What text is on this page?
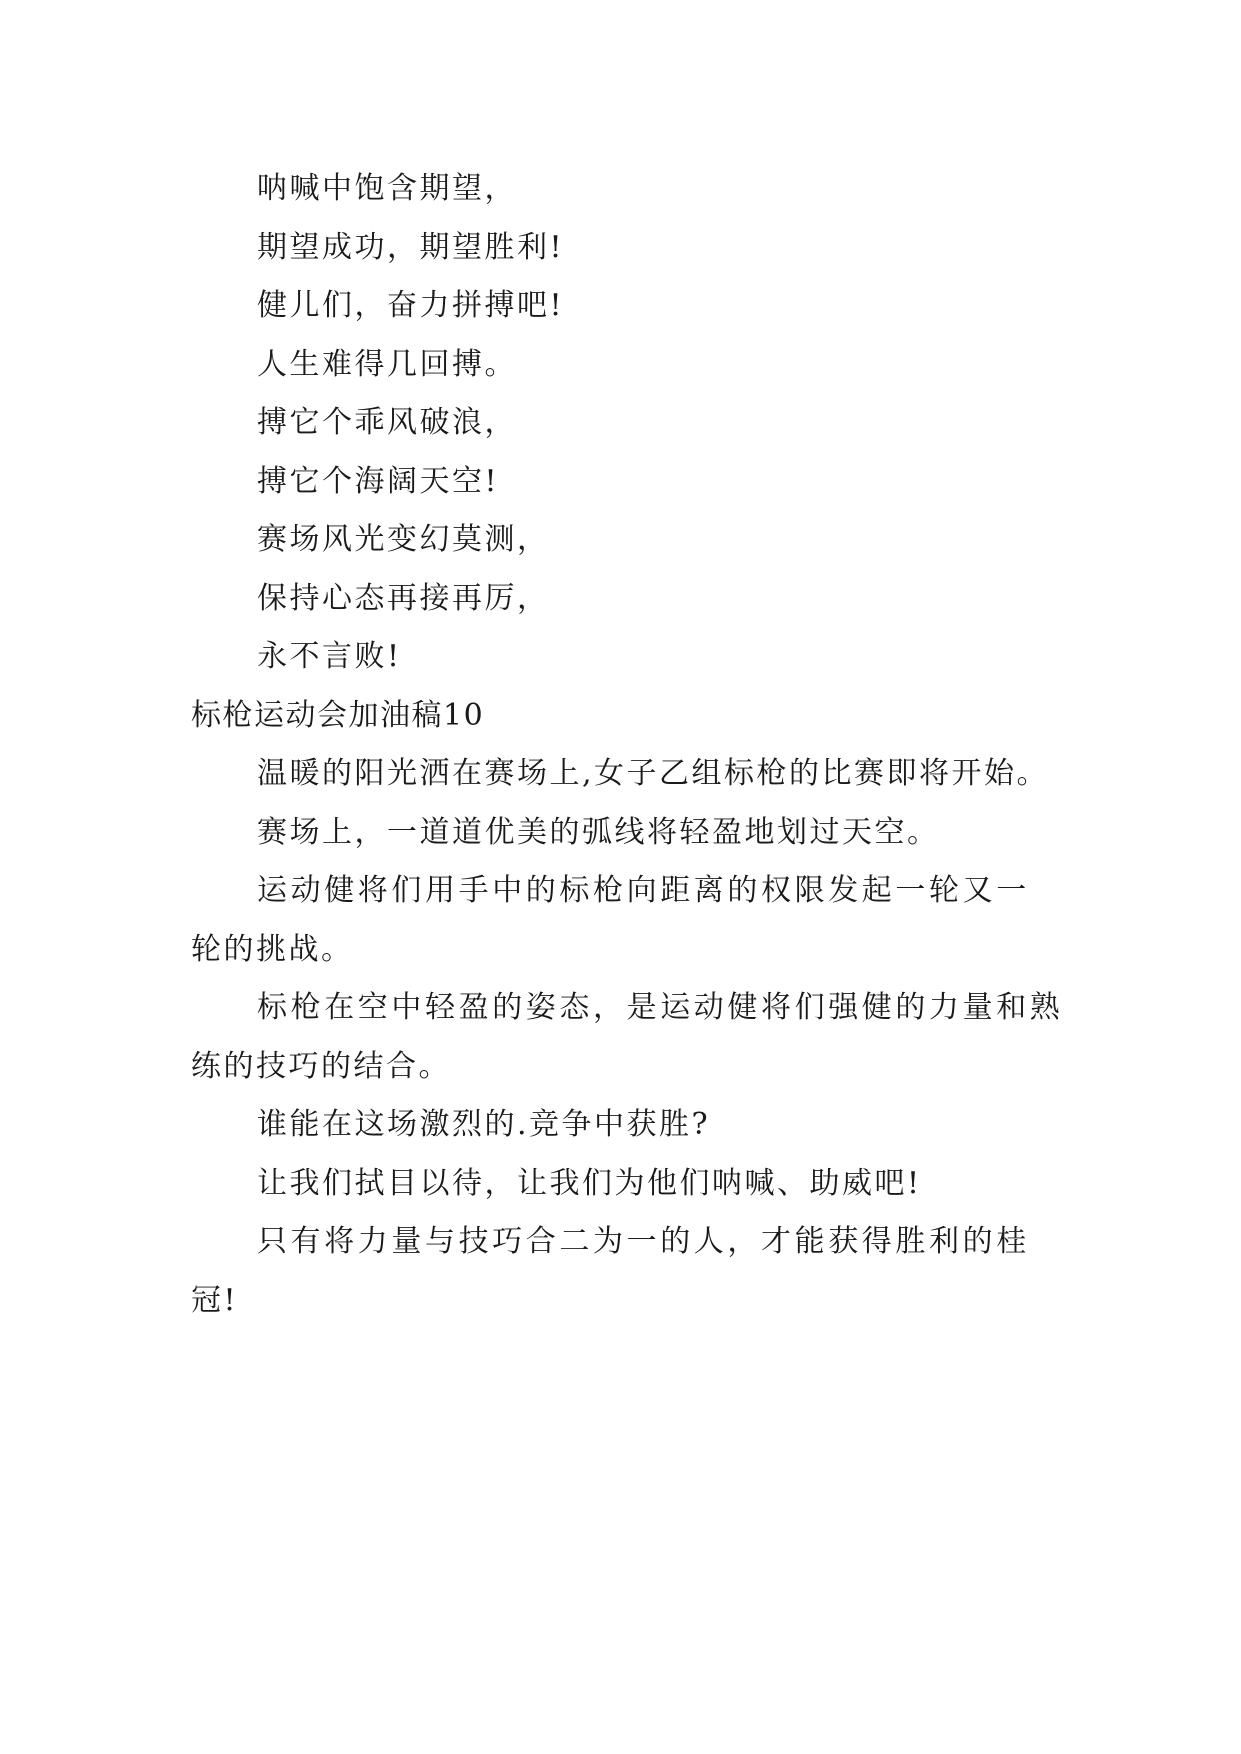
呐喊中饱含期望，
期望成功，期望胜利!
健儿们，奋力拼搏吧!
人生难得几回搏。
搏它个乖风破浪，
搏它个海阔天空!
赛场风光变幻莫测，
保持心态再接再厉，
永不言败!
标枪运动会加油稿10
温暖的阳光洒在赛场上,女子乙组标枪的比赛即将开始。
赛场上，一道道优美的弧线将轻盈地划过天空。
运动健将们用手中的标枪向距离的权限发起一轮又一
轮的挑战。
标枪在空中轻盈的姿态，是运动健将们强健的力量和熟
练的技巧的结合。
谁能在这场激烈的.竞争中获胜?
让我们拭目以待，让我们为他们呐喊、助威吧!
只有将力量与技巧合二为一的人，才能获得胜利的桂
冠!
